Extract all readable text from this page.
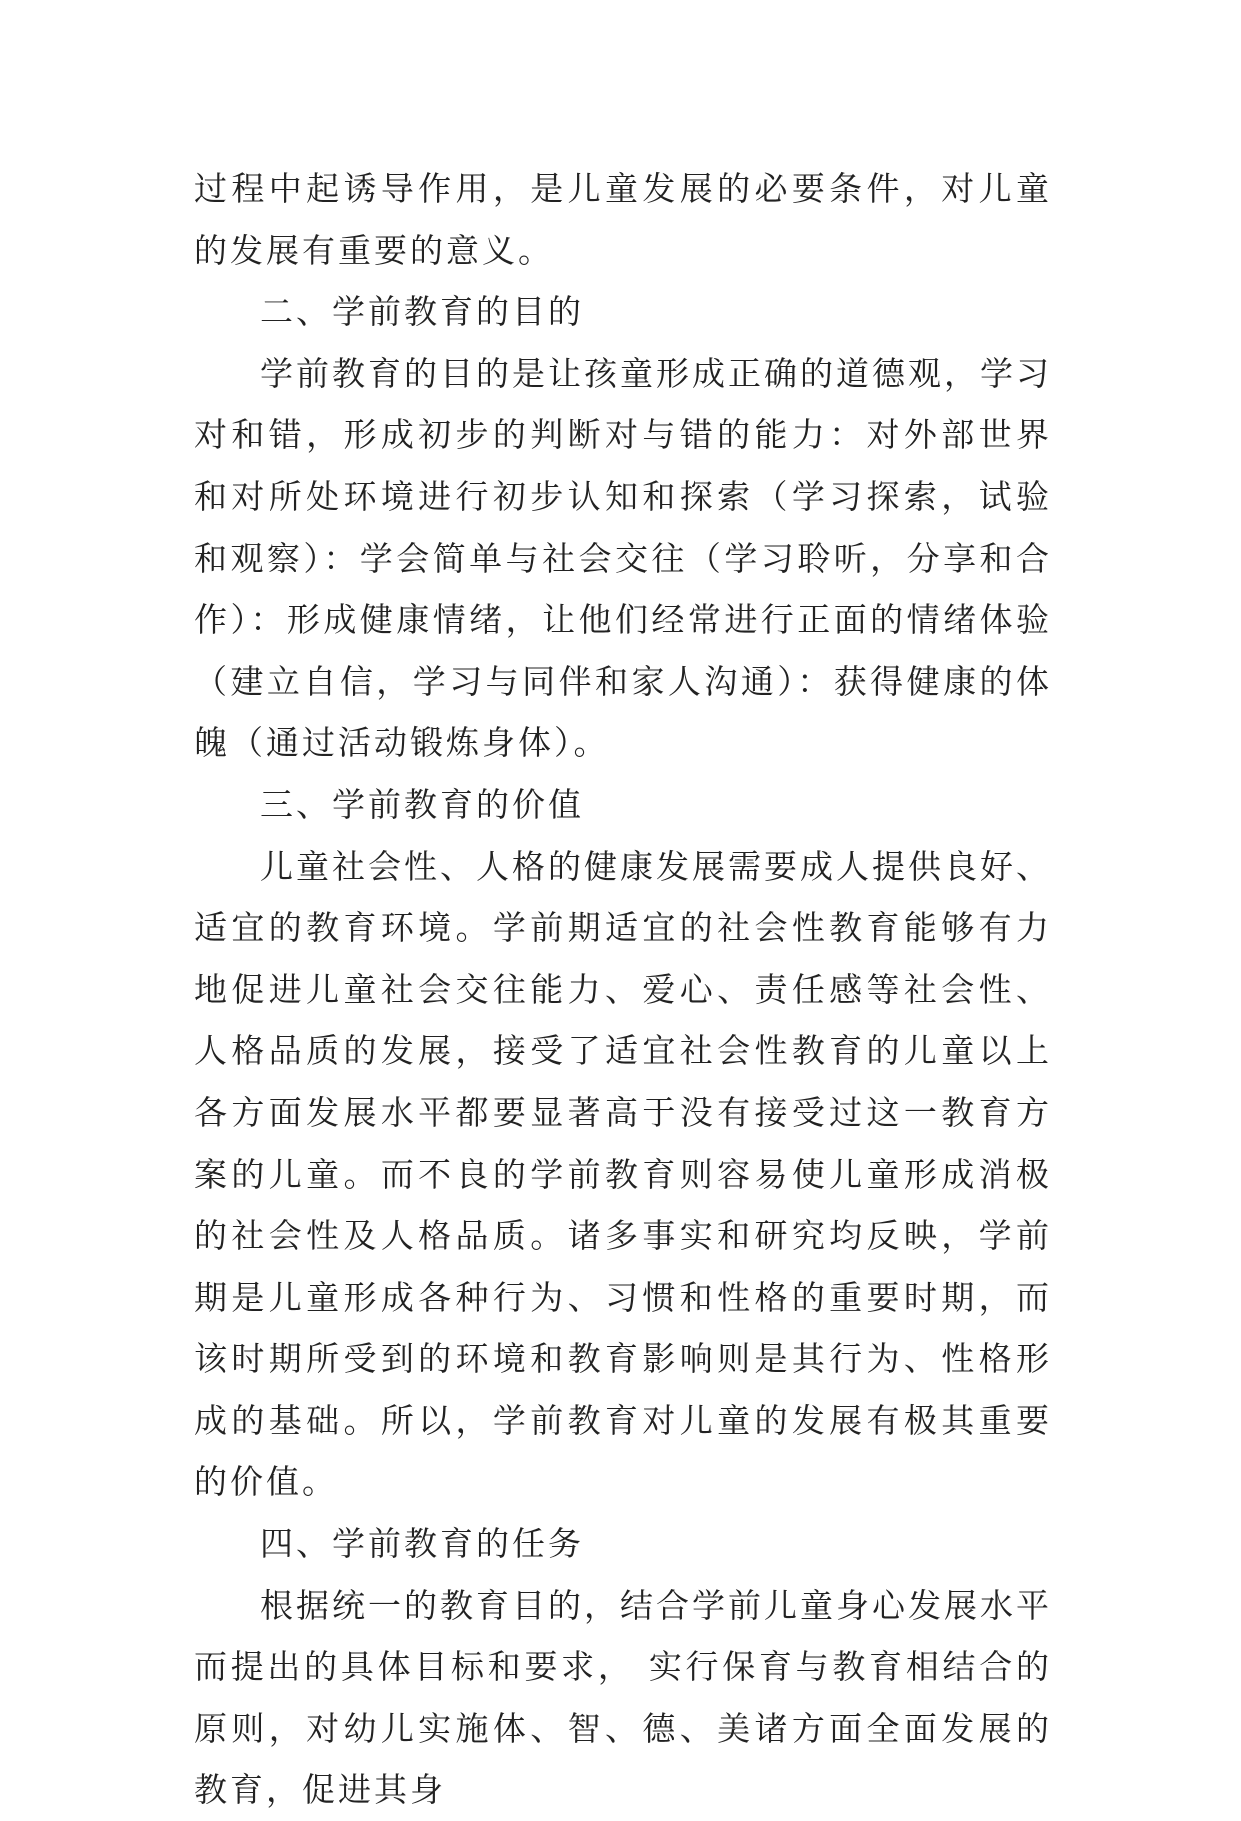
过程中起诱导作用，是儿童发展的必要条件，对儿童的发展有重要的意义。

二、学前教育的目的

学前教育的目的是让孩童形成正确的道德观，学习对和错，形成初步的判断对与错的能力：对外部世界和对所处环境进行初步认知和探索（学习探索，试验和观察）：学会简单与社会交往（学习聆听，分享和合作）：形成健康情绪，让他们经常进行正面的情绪体验（建立自信，学习与同伴和家人沟通）：获得健康的体魄（通过活动锻炼身体）。

三、学前教育的价值

儿童社会性、人格的健康发展需要成人提供良好、适宜的教育环境。学前期适宜的社会性教育能够有力地促进儿童社会交往能力、爱心、责任感等社会性、人格品质的发展，接受了适宜社会性教育的儿童以上各方面发展水平都要显著高于没有接受过这一教育方案的儿童。而不良的学前教育则容易使儿童形成消极的社会性及人格品质。诸多事实和研究均反映，学前期是儿童形成各种行为、习惯和性格的重要时期，而该时期所受到的环境和教育影响则是其行为、性格形成的基础。所以，学前教育对儿童的发展有极其重要的价值。

四、学前教育的任务

根据统一的教育目的，结合学前儿童身心发展水平而提出的具体目标和要求， 实行保育与教育相结合的原则，对幼儿实施体、智、德、美诸方面全面发展的教育，促进其身
